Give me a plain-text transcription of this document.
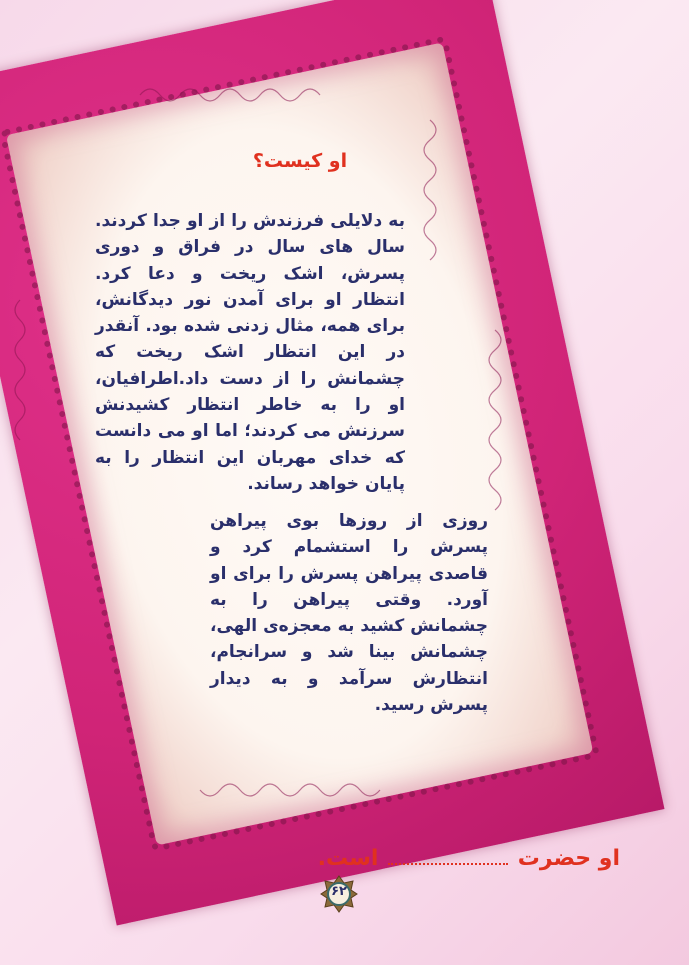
او کیست؟
به دلایلی فرزندش را از او جدا کردند. سال های سال در فراق و دوری پسرش، اشک ریخت و دعا کرد. انتظار او برای آمدن نور دیدگانش، برای همه، مثال زدنی شده بود. آنقدر در این انتظار اشک ریخت که چشمانش را از دست داد.اطرافیان، او را به خاطر انتظار کشیدنش سرزنش می کردند؛ اما او می دانست که خدای مهربان این انتظار را به پایان خواهد رساند.
روزی از روزها بوی پیراهن پسرش را استشمام کرد و قاصدی پیراهن پسرش را برای او آورد. وقتی پیراهن را به چشمانش کشید به معجزه‌ی الهی، چشمانش بینا شد و سرانجام، انتظارش سرآمد و به دیدار پسرش رسید.
او حضرت  است.
۶۲
